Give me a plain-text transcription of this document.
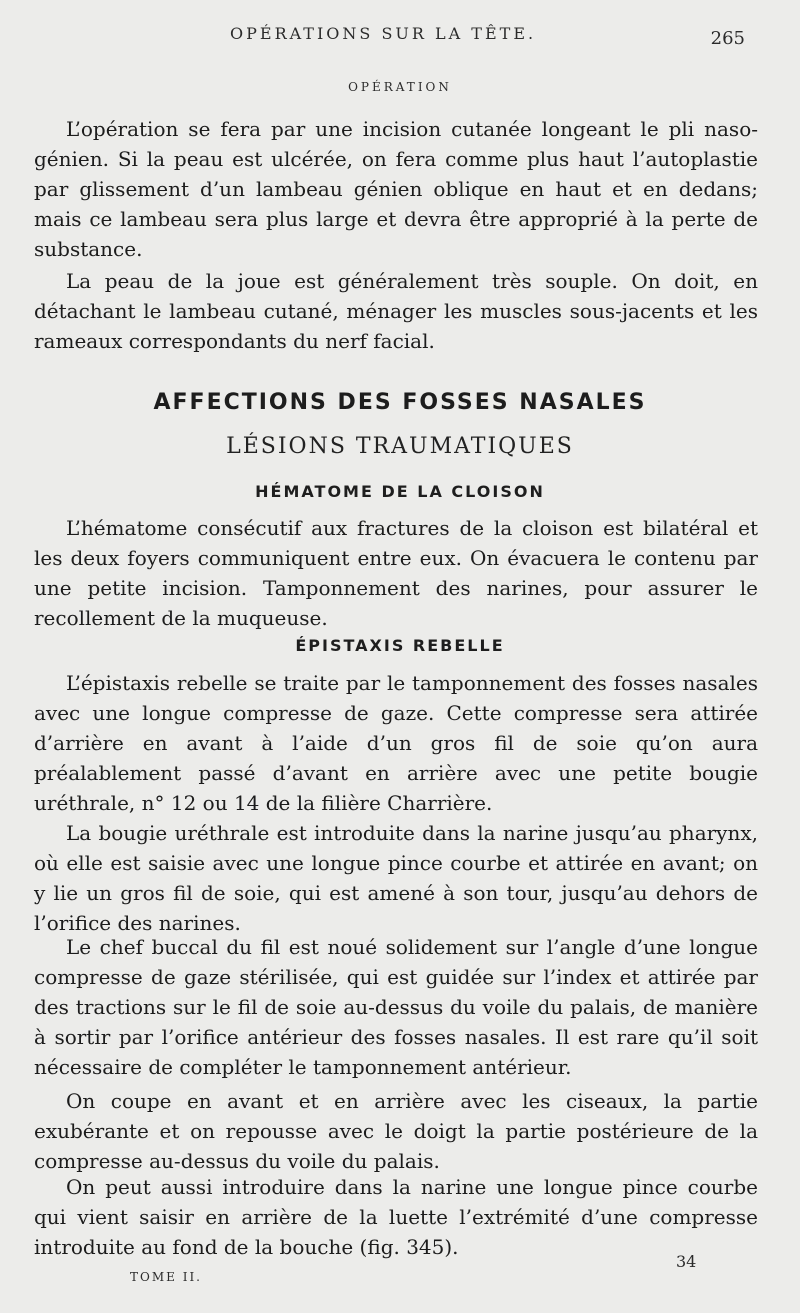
OPÉRATIONS SUR LA TÊTE.	265
OPÉRATION

L’opération se fera par une incision cutanée longeant le pli naso-génien. Si la peau est ulcérée, on fera comme plus haut l’autoplastie par glissement d’un lambeau génien oblique en haut et en dedans; mais ce lambeau sera plus large et devra être approprié à la perte de substance.

La peau de la joue est généralement très souple. On doit, en détachant le lambeau cutané, ménager les muscles sous-jacents et les rameaux correspondants du nerf facial.

AFFECTIONS DES FOSSES NASALES
LÉSIONS TRAUMATIQUES
HÉMATOME DE LA CLOISON

L’hématome consécutif aux fractures de la cloison est bilatéral et les deux foyers communiquent entre eux. On évacuera le contenu par une petite incision. Tamponnement des narines, pour assurer le recollement de la muqueuse.

ÉPISTAXIS REBELLE

L’épistaxis rebelle se traite par le tamponnement des fosses nasales avec une longue compresse de gaze. Cette compresse sera attirée d’arrière en avant à l’aide d’un gros fil de soie qu’on aura préalablement passé d’avant en arrière avec une petite bougie uréthrale, n° 12 ou 14 de la filière Charrière.

La bougie uréthrale est introduite dans la narine jusqu’au pharynx, où elle est saisie avec une longue pince courbe et attirée en avant; on y lie un gros fil de soie, qui est amené à son tour, jusqu’au dehors de l’orifice des narines.

Le chef buccal du fil est noué solidement sur l’angle d’une longue compresse de gaze stérilisée, qui est guidée sur l’index et attirée par des tractions sur le fil de soie au-dessus du voile du palais, de manière à sortir par l’orifice antérieur des fosses nasales. Il est rare qu’il soit nécessaire de compléter le tamponnement antérieur.

On coupe en avant et en arrière avec les ciseaux, la partie exubérante et on repousse avec le doigt la partie postérieure de la compresse au-dessus du voile du palais.

On peut aussi introduire dans la narine une longue pince courbe qui vient saisir en arrière de la luette l’extrémité d’une compresse introduite au fond de la bouche (fig. 345).

TOME II.
34
